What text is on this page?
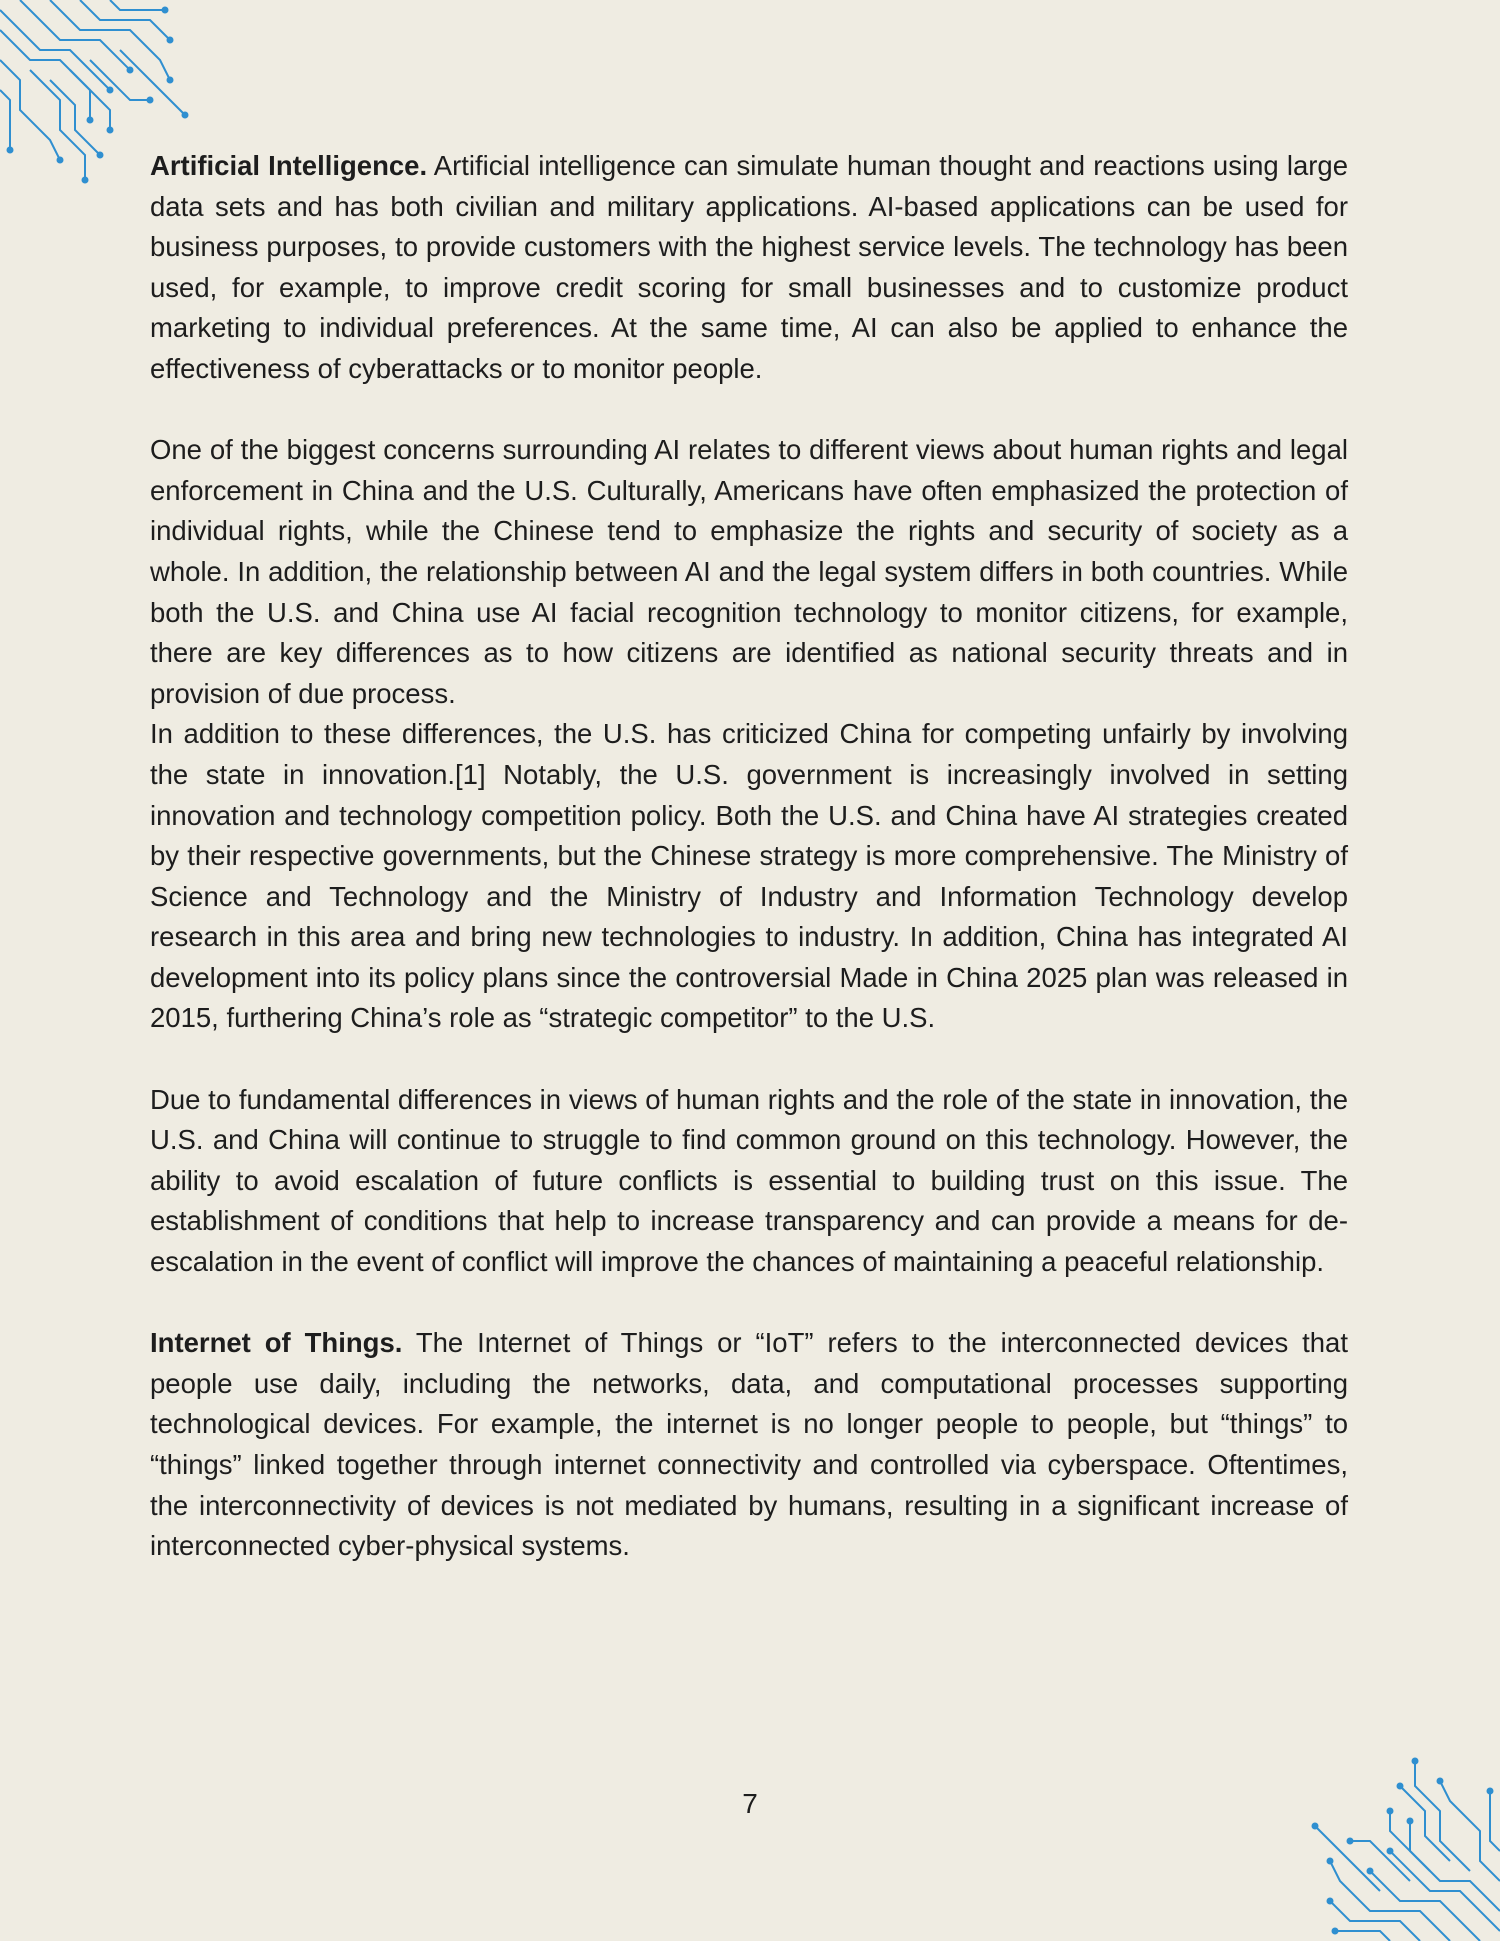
Artificial Intelligence. Artificial intelligence can simulate human thought and reactions using large data sets and has both civilian and military applications. AI-based applications can be used for business purposes, to provide customers with the highest service levels. The technology has been used, for example, to improve credit scoring for small businesses and to customize product marketing to individual preferences. At the same time, AI can also be applied to enhance the effectiveness of cyberattacks or to monitor people.

One of the biggest concerns surrounding AI relates to different views about human rights and legal enforcement in China and the U.S. Culturally, Americans have often emphasized the protection of individual rights, while the Chinese tend to emphasize the rights and security of society as a whole. In addition, the relationship between AI and the legal system differs in both countries. While both the U.S. and China use AI facial recognition technology to monitor citizens, for example, there are key differences as to how citizens are identified as national security threats and in provision of due process.

In addition to these differences, the U.S. has criticized China for competing unfairly by involving the state in innovation.[1] Notably, the U.S. government is increasingly involved in setting innovation and technology competition policy. Both the U.S. and China have AI strategies created by their respective governments, but the Chinese strategy is more comprehensive. The Ministry of Science and Technology and the Ministry of Industry and Information Technology develop research in this area and bring new technologies to industry. In addition, China has integrated AI development into its policy plans since the controversial Made in China 2025 plan was released in 2015, furthering China’s role as “strategic competitor” to the U.S.

Due to fundamental differences in views of human rights and the role of the state in innovation, the U.S. and China will continue to struggle to find common ground on this technology. However, the ability to avoid escalation of future conflicts is essential to building trust on this issue. The establishment of conditions that help to increase transparency and can provide a means for de-escalation in the event of conflict will improve the chances of maintaining a peaceful relationship.

Internet of Things. The Internet of Things or “IoT” refers to the interconnected devices that people use daily, including the networks, data, and computational processes supporting technological devices. For example, the internet is no longer people to people, but “things” to “things” linked together through internet connectivity and controlled via cyberspace. Oftentimes, the interconnectivity of devices is not mediated by humans, resulting in a significant increase of interconnected cyber-physical systems.

7
